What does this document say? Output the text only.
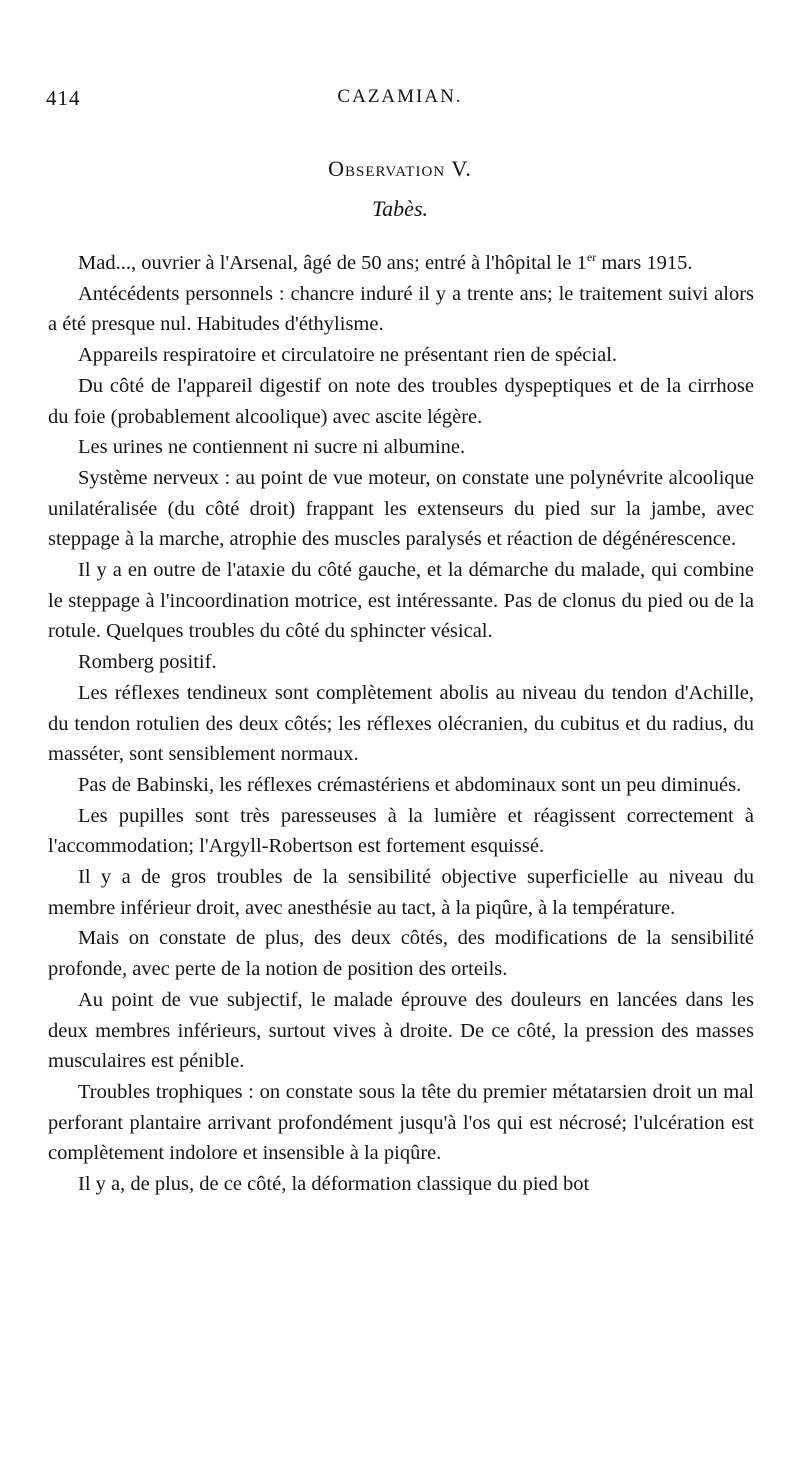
414	CAZAMIAN.
Observation V.
Tabès.

Mad..., ouvrier à l'Arsenal, âgé de 50 ans; entré à l'hôpital le 1er mars 1915.

Antécédents personnels : chancre induré il y a trente ans; le traitement suivi alors a été presque nul. Habitudes d'éthylisme.

Appareils respiratoire et circulatoire ne présentant rien de spécial.

Du côté de l'appareil digestif on note des troubles dyspeptiques et de la cirrhose du foie (probablement alcoolique) avec ascite légère.

Les urines ne contiennent ni sucre ni albumine.

Système nerveux : au point de vue moteur, on constate une polynévrite alcoolique unilatéralisée (du côté droit) frappant les extenseurs du pied sur la jambe, avec steppage à la marche, atrophie des muscles paralysés et réaction de dégénérescence.

Il y a en outre de l'ataxie du côté gauche, et la démarche du malade, qui combine le steppage à l'incoordination motrice, est intéressante. Pas de clonus du pied ou de la rotule. Quelques troubles du côté du sphincter vésical.

Romberg positif.

Les réflexes tendineux sont complètement abolis au niveau du tendon d'Achille, du tendon rotulien des deux côtés; les réflexes olécranien, du cubitus et du radius, du masséter, sont sensiblement normaux.

Pas de Babinski, les réflexes crémastériens et abdominaux sont un peu diminués.

Les pupilles sont très paresseuses à la lumière et réagissent correctement à l'accommodation; l'Argyll-Robertson est fortement esquissé.

Il y a de gros troubles de la sensibilité objective superficielle au niveau du membre inférieur droit, avec anesthésie au tact, à la piqûre, à la température.

Mais on constate de plus, des deux côtés, des modifications de la sensibilité profonde, avec perte de la notion de position des orteils.

Au point de vue subjectif, le malade éprouve des douleurs en lancées dans les deux membres inférieurs, surtout vives à droite. De ce côté, la pression des masses musculaires est pénible.

Troubles trophiques : on constate sous la tête du premier métatarsien droit un mal perforant plantaire arrivant profondément jusqu'à l'os qui est nécrosé; l'ulcération est complètement indolore et insensible à la piqûre.

Il y a, de plus, de ce côté, la déformation classique du pied bot
